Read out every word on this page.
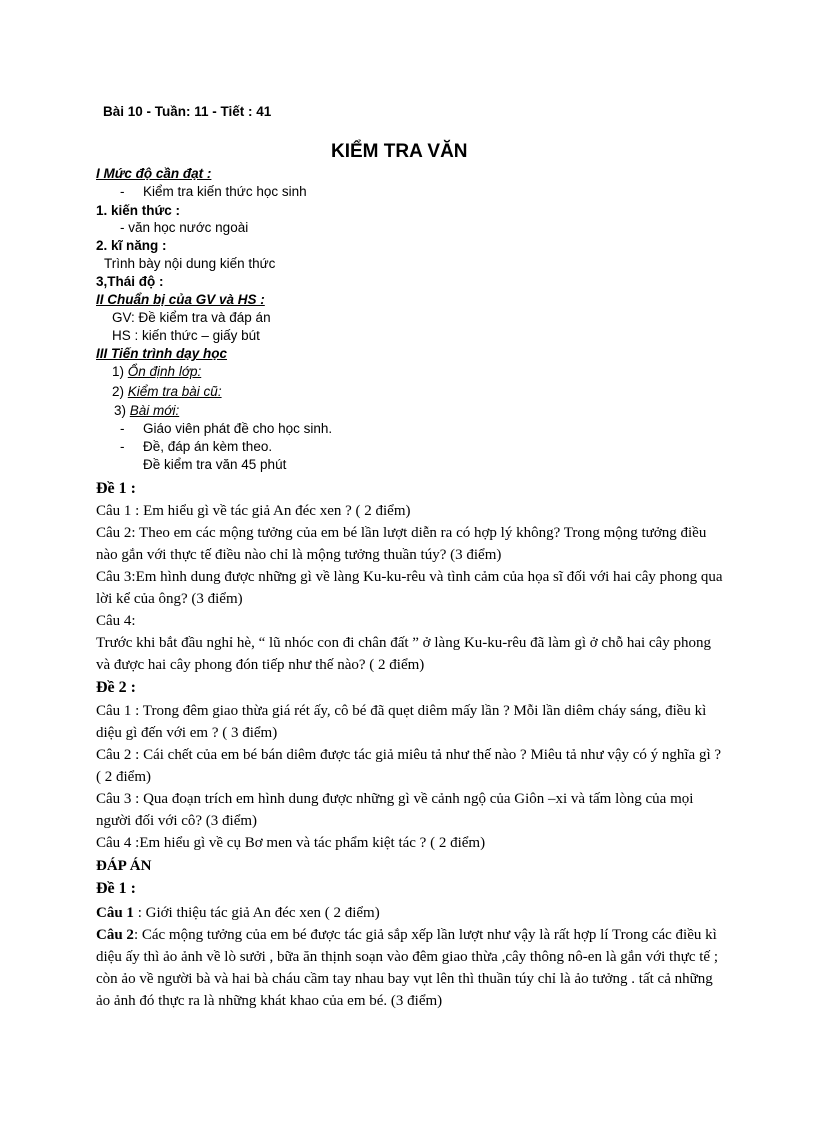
Bài 10 - Tuần: 11 - Tiết : 41
KIỂM TRA VĂN
I Mức độ cần đạt :
- Kiểm tra kiến thức học sinh
1. kiến thức :
- văn học nước ngoài
2. kĩ năng :
Trình bày nội dung kiến thức
3,Thái độ :
II Chuẩn bị của GV và HS :
GV: Đề kiểm tra và đáp án
HS : kiến thức – giấy bút
III Tiến trình dạy học
1) Ổn định lớp:
2) Kiểm tra bài cũ:
3) Bài mới:
- Giáo viên phát đề cho học sinh.
- Đề, đáp án kèm theo.
Đề kiểm tra văn 45 phút
Đề 1 :

Câu 1 : Em hiểu gì về tác giả An đéc xen ? ( 2 điểm)

Câu 2: Theo em các mộng tưởng của em bé lần lượt diễn ra có hợp lý không? Trong mộng tưởng điều nào gắn với thực tế điều nào chỉ là mộng tưởng thuần túy? (3 điểm)

Câu 3:Em hình dung được những gì về làng Ku-ku-rêu và tình cảm của họa sĩ đối với hai cây phong qua lời kể của ông? (3 điểm)

Câu 4:

Trước khi bắt đầu nghỉ hè, “ lũ nhóc con đi chân đất ” ở làng Ku-ku-rêu đã làm gì ở chỗ hai cây phong và được hai cây phong đón tiếp như thế nào? ( 2 điểm)

Đề 2 :

Câu 1 : Trong đêm giao thừa giá rét ấy, cô bé đã quẹt diêm mấy lần ? Mỗi lần diêm cháy sáng, điều kì diệu gì đến với em ? ( 3 điểm)

Câu 2 : Cái chết của em bé bán diêm được tác giả miêu tả như thế nào ? Miêu tả như vậy có ý nghĩa gì ? ( 2 điểm)

Câu 3 : Qua đoạn trích em hình dung được những gì về cảnh ngộ của Giôn –xi và tấm lòng của mọi người đối với cô? (3 điểm)

Câu 4 :Em hiểu gì về cụ Bơ men và tác phẩm kiệt tác ? ( 2 điểm)

ĐÁP ÁN
Đề 1 :

Câu 1 : Giới thiệu tác giả An đéc xen ( 2 điểm)

Câu 2: Các mộng tưởng của em bé được tác giả sắp xếp lần lượt như vậy là rất hợp lí Trong các điều kì diệu ấy thì ảo ảnh về lò sưởi , bữa ăn thịnh soạn vào đêm giao thừa ,cây thông nô-en là gắn với thực tế ; còn ảo về người bà và hai bà cháu cầm tay nhau bay vụt lên thì thuần túy chỉ là ảo tưởng . tất cả những ảo ảnh đó thực ra là những khát khao của em bé. (3 điểm)
